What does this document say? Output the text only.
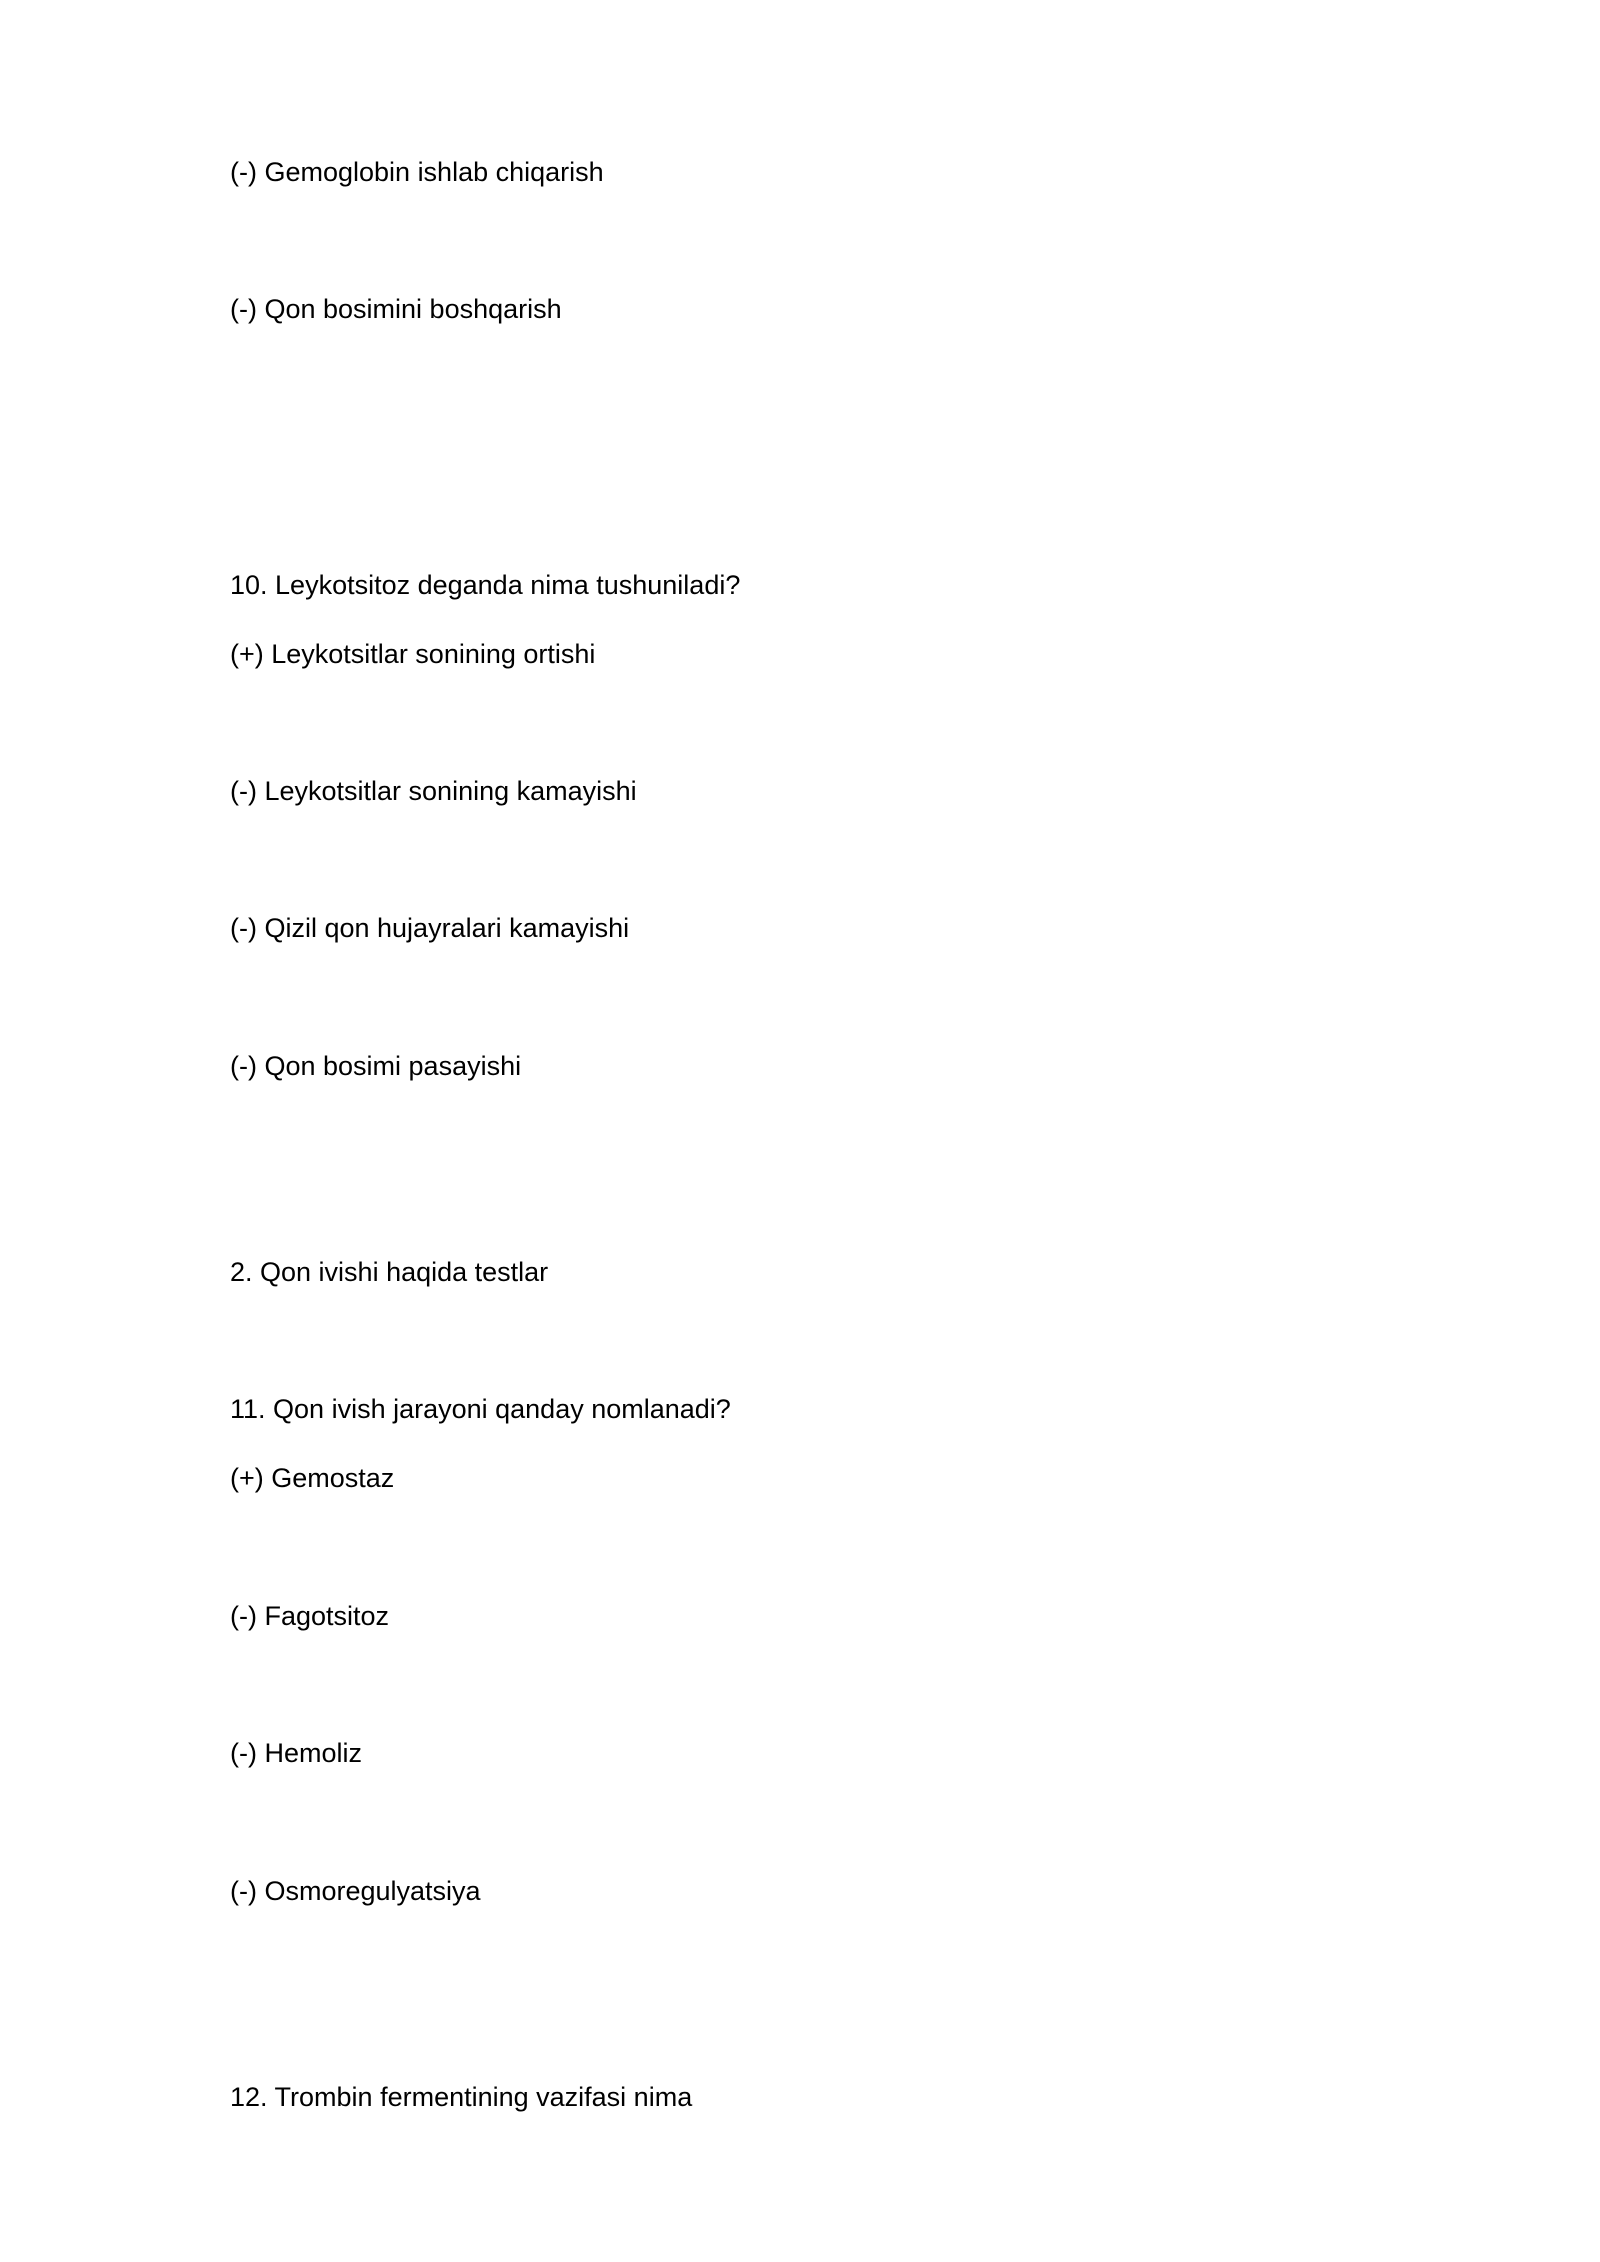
(-) Gemoglobin ishlab chiqarish
(-) Qon bosimini boshqarish
10. Leykotsitoz deganda nima tushuniladi?
(+) Leykotsitlar sonining ortishi
(-) Leykotsitlar sonining kamayishi
(-) Qizil qon hujayralari kamayishi
(-) Qon bosimi pasayishi
2. Qon ivishi haqida testlar
11. Qon ivish jarayoni qanday nomlanadi?
(+) Gemostaz
(-) Fagotsitoz
(-) Hemoliz
(-) Osmoregulyatsiya
12. Trombin fermentining vazifasi nima
